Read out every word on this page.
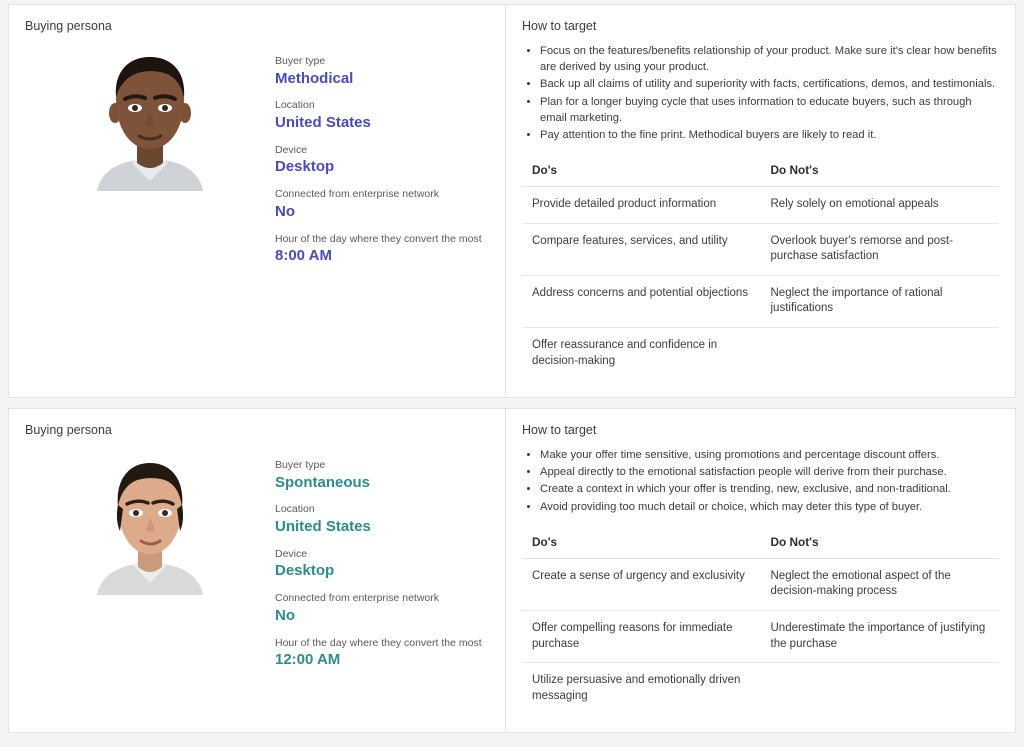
Buying persona
Buyer type
Methodical
Location
United States
Device
Desktop
Connected from enterprise network
No
Hour of the day where they convert the most
8:00 AM
How to target
• Focus on the features/benefits relationship of your product. Make sure it's clear how benefits are derived by using your product.
• Back up all claims of utility and superiority with facts, certifications, demos, and testimonials.
• Plan for a longer buying cycle that uses information to educate buyers, such as through email marketing.
• Pay attention to the fine print. Methodical buyers are likely to read it.
Do's	Do Not's
Provide detailed product information	Rely solely on emotional appeals
Compare features, services, and utility	Overlook buyer's remorse and post-purchase satisfaction
Address concerns and potential objections	Neglect the importance of rational justifications
Offer reassurance and confidence in decision-making	
Buying persona
Buyer type
Spontaneous
Location
United States
Device
Desktop
Connected from enterprise network
No
Hour of the day where they convert the most
12:00 AM
How to target
• Make your offer time sensitive, using promotions and percentage discount offers.
• Appeal directly to the emotional satisfaction people will derive from their purchase.
• Create a context in which your offer is trending, new, exclusive, and non-traditional.
• Avoid providing too much detail or choice, which may deter this type of buyer.
Do's	Do Not's
Create a sense of urgency and exclusivity	Neglect the emotional aspect of the decision-making process
Offer compelling reasons for immediate purchase	Underestimate the importance of justifying the purchase
Utilize persuasive and emotionally driven messaging	
